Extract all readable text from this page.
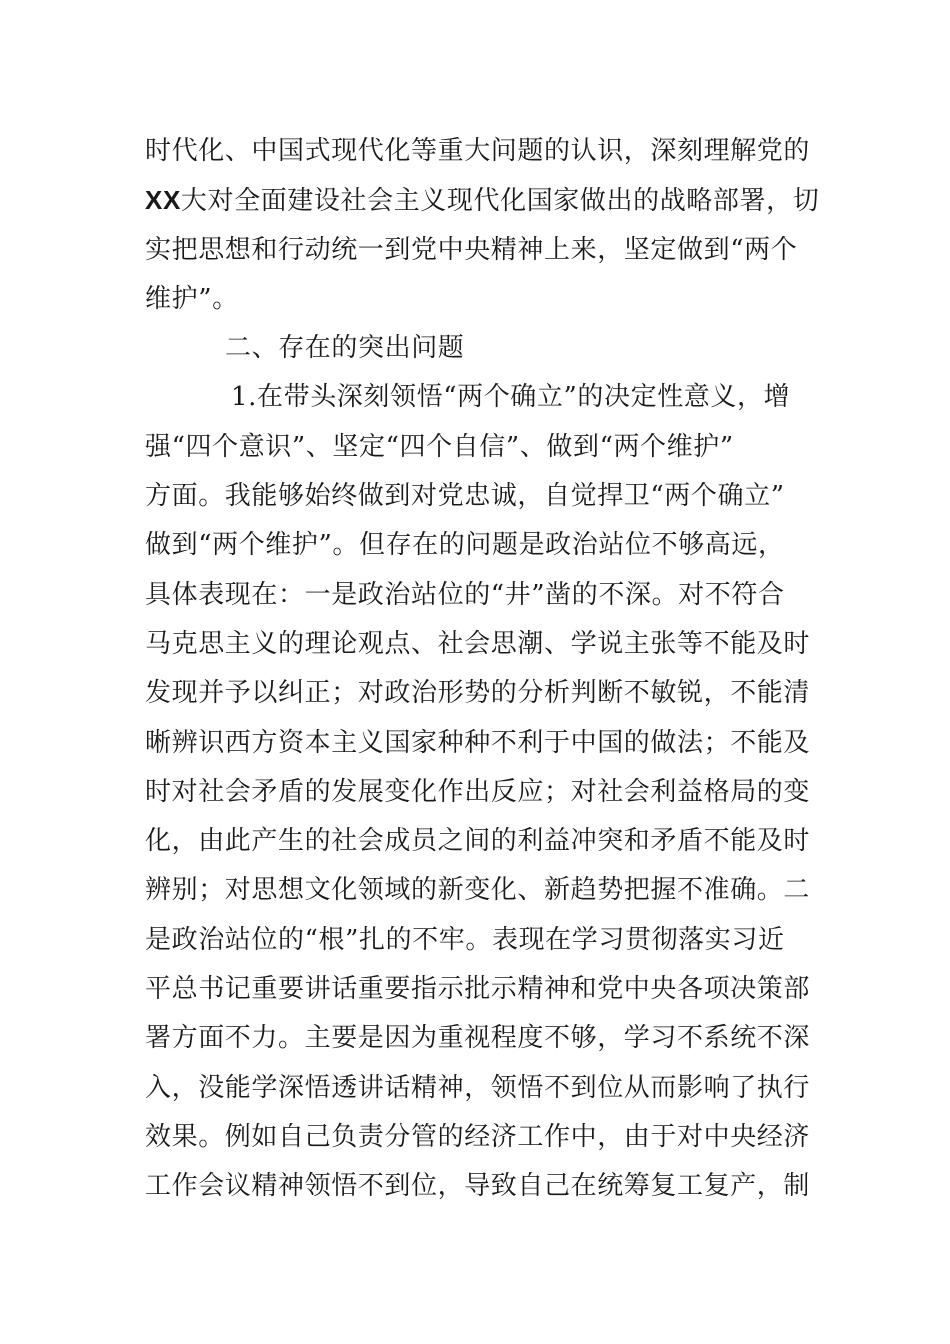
时代化、中国式现代化等重大问题的认识，深刻理解党的
XX大对全面建设社会主义现代化国家做出的战略部署，切
实把思想和行动统一到党中央精神上来，坚定做到“两个
维护”。
二、存在的突出问题
1.在带头深刻领悟“两个确立”的决定性意义，增
强“四个意识”、坚定“四个自信”、做到“两个维护”
方面。我能够始终做到对党忠诚，自觉捍卫“两个确立”
做到“两个维护”。但存在的问题是政治站位不够高远，
具体表现在：一是政治站位的“井”凿的不深。对不符合
马克思主义的理论观点、社会思潮、学说主张等不能及时
发现并予以纠正；对政治形势的分析判断不敏锐，不能清
晰辨识西方资本主义国家种种不利于中国的做法；不能及
时对社会矛盾的发展变化作出反应；对社会利益格局的变
化，由此产生的社会成员之间的利益冲突和矛盾不能及时
辨别；对思想文化领域的新变化、新趋势把握不准确。二
是政治站位的“根”扎的不牢。表现在学习贯彻落实习近
平总书记重要讲话重要指示批示精神和党中央各项决策部
署方面不力。主要是因为重视程度不够，学习不系统不深
入，没能学深悟透讲话精神，领悟不到位从而影响了执行
效果。例如自己负责分管的经济工作中，由于对中央经济
工作会议精神领悟不到位，导致自己在统筹复工复产，制
